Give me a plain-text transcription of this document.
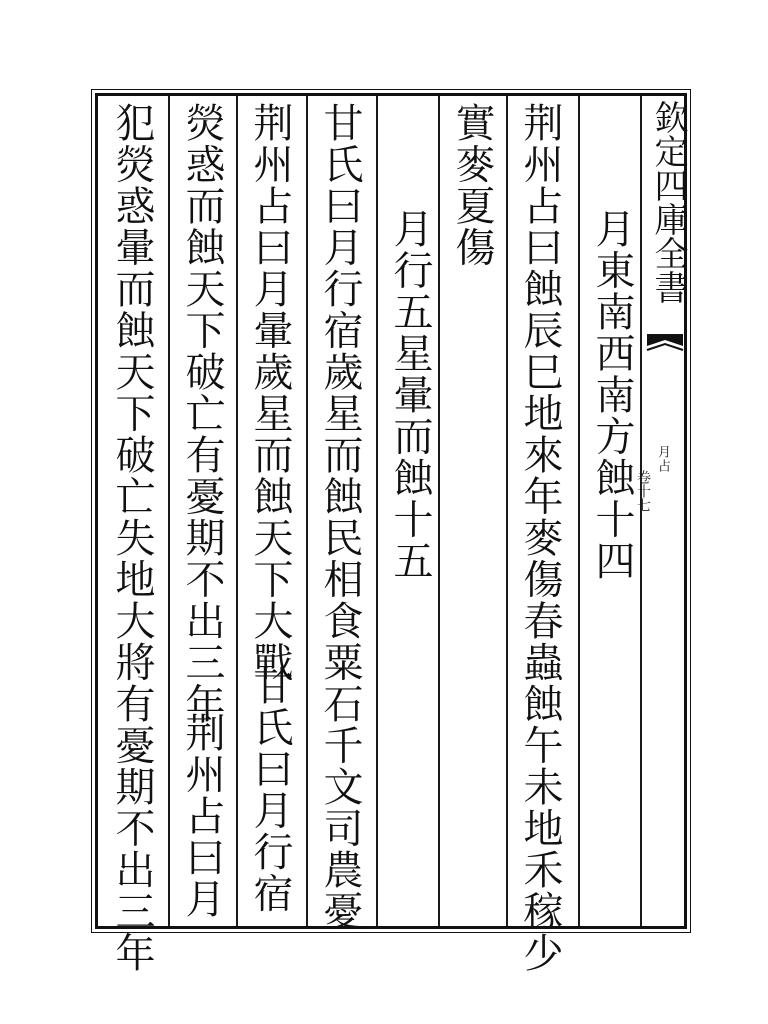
欽定四庫全書
月占
卷十七
月東南西南方蝕十四
荆州占曰蝕辰巳地來年麥傷春蟲蝕午未地禾稼少
實麥夏傷
月行五星暈而蝕十五
甘氏曰月行宿歲星而蝕民相食粟石千文司農憂
荆州占曰月暈歲星而蝕天下大戰
甘氏曰月行宿
熒惑而蝕天下破亡有憂期不出三年
荆州占曰月
犯熒惑暈而蝕天下破亡失地大將有憂期不出三年
